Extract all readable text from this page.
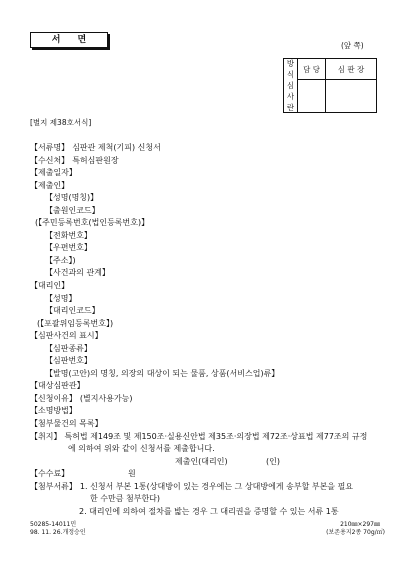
서 면
(앞 쪽)
방
식
심
사
란	담 당	심 판 장

[별지 제38호서식]
【서류명】 심판관 제척(기피) 신청서
【수신처】 특허심판원장
【제출일자】
【제출인】
【성명(명칭)】
【출원인코드】
(【주민등록번호(법인등록번호)】
【전화번호】
【우편번호】
【주소】)
【사건과의 관계】
【대리인】
【성명】
【대리인코드】
(【포괄위임등록번호】)
【심판사건의 표시】
【심판종류】
【심판번호】
【발명(고안)의 명칭, 의장의 대상이 되는 물품, 상품(서비스업)류】
【대상심판관】
【신청이유】 (별지사용가능)
【소명방법】
【첨부물건의 목록】
【취지】 특허법 제149조 및 제150조·실용신안법 제35조·의장법 제72조·상표법 제77조의 규정
에 의하여 위와 같이 신청서를 제출합니다.
제출인(대리인)	(인)
【수수료】	원
【첨부서류】 1. 신청서 부본 1통(상대방이 있는 경우에는 그 상대방에게 송부할 부본을 필요
한 수만큼 첨부한다)
2. 대리인에 의하여 절차를 밟는 경우 그 대리권을 증명할 수 있는 서류 1통
50285-14011민
98. 11. 26.개정승인
210㎜×297㎜
(보존용지2종 70g/㎡)
